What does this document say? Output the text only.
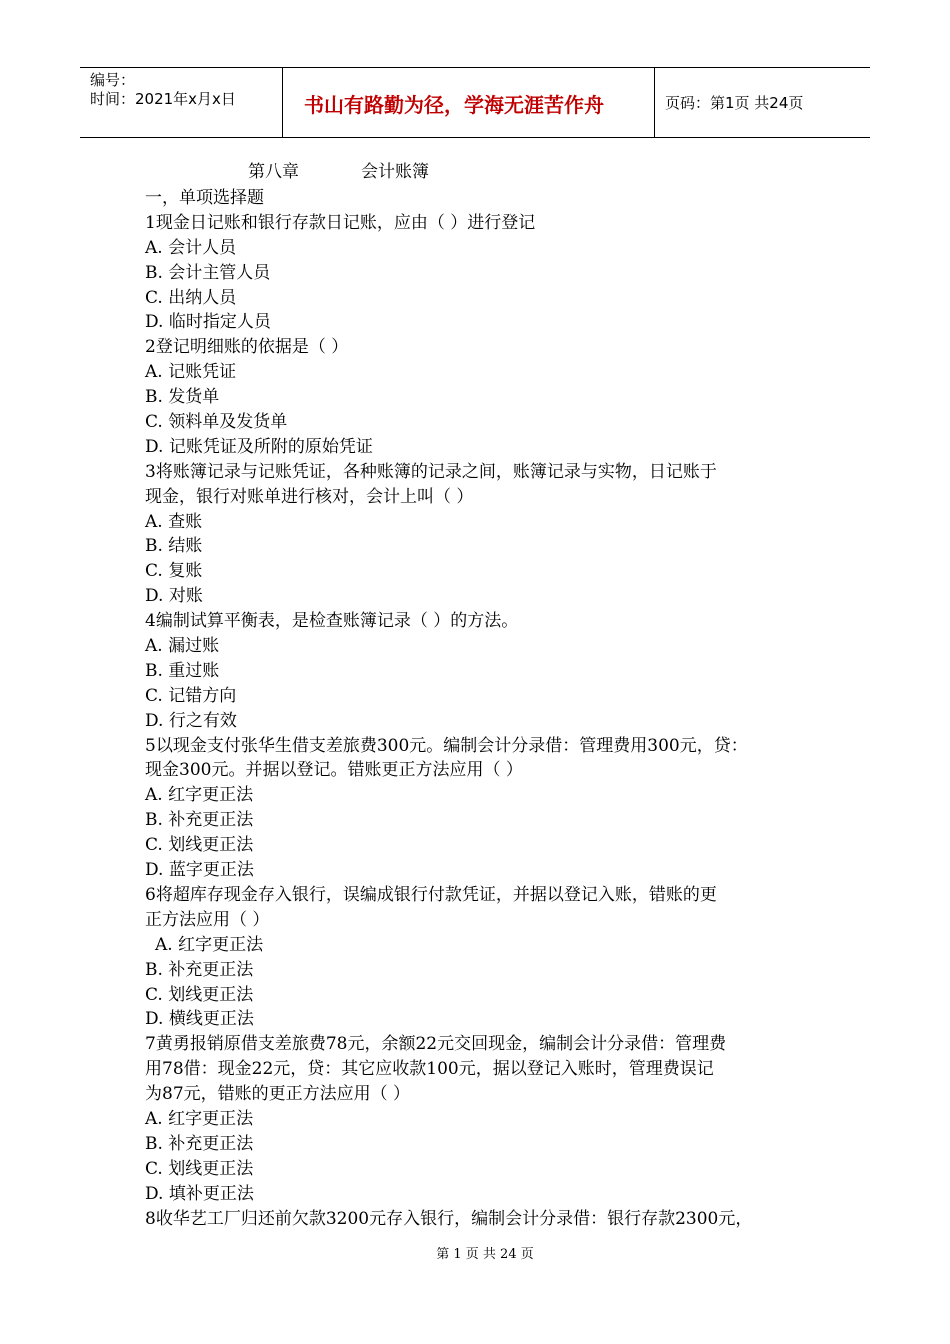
编号：
时间：2021年x月x日	书山有路勤为径，学海无涯苦作舟	页码：第1页 共24页
第八章	会计账簿
一，单项选择题
1现金日记账和银行存款日记账，应由（ ）进行登记
A. 会计人员
B. 会计主管人员
C. 出纳人员
D. 临时指定人员
2登记明细账的依据是（ ）
A. 记账凭证
B. 发货单
C. 领料单及发货单
D. 记账凭证及所附的原始凭证
3将账簿记录与记账凭证，各种账簿的记录之间，账簿记录与实物，日记账于
现金，银行对账单进行核对，会计上叫（ ）
A. 查账
B. 结账
C. 复账
D. 对账
4编制试算平衡表，是检查账簿记录（ ）的方法。
A. 漏过账
B. 重过账
C. 记错方向
D. 行之有效
5以现金支付张华生借支差旅费300元。编制会计分录借：管理费用300元，贷：
现金300元。并据以登记。错账更正方法应用（ ）
A. 红字更正法
B. 补充更正法
C. 划线更正法
D. 蓝字更正法
6将超库存现金存入银行，误编成银行付款凭证，并据以登记入账，错账的更
正方法应用（ ）
A. 红字更正法
B. 补充更正法
C. 划线更正法
D. 横线更正法
7黄勇报销原借支差旅费78元，余额22元交回现金，编制会计分录借：管理费
用78借：现金22元，贷：其它应收款100元，据以登记入账时，管理费误记
为87元，错账的更正方法应用（ ）
A. 红字更正法
B. 补充更正法
C. 划线更正法
D. 填补更正法
8收华艺工厂归还前欠款3200元存入银行，编制会计分录借：银行存款2300元，
第 1 页 共 24 页
